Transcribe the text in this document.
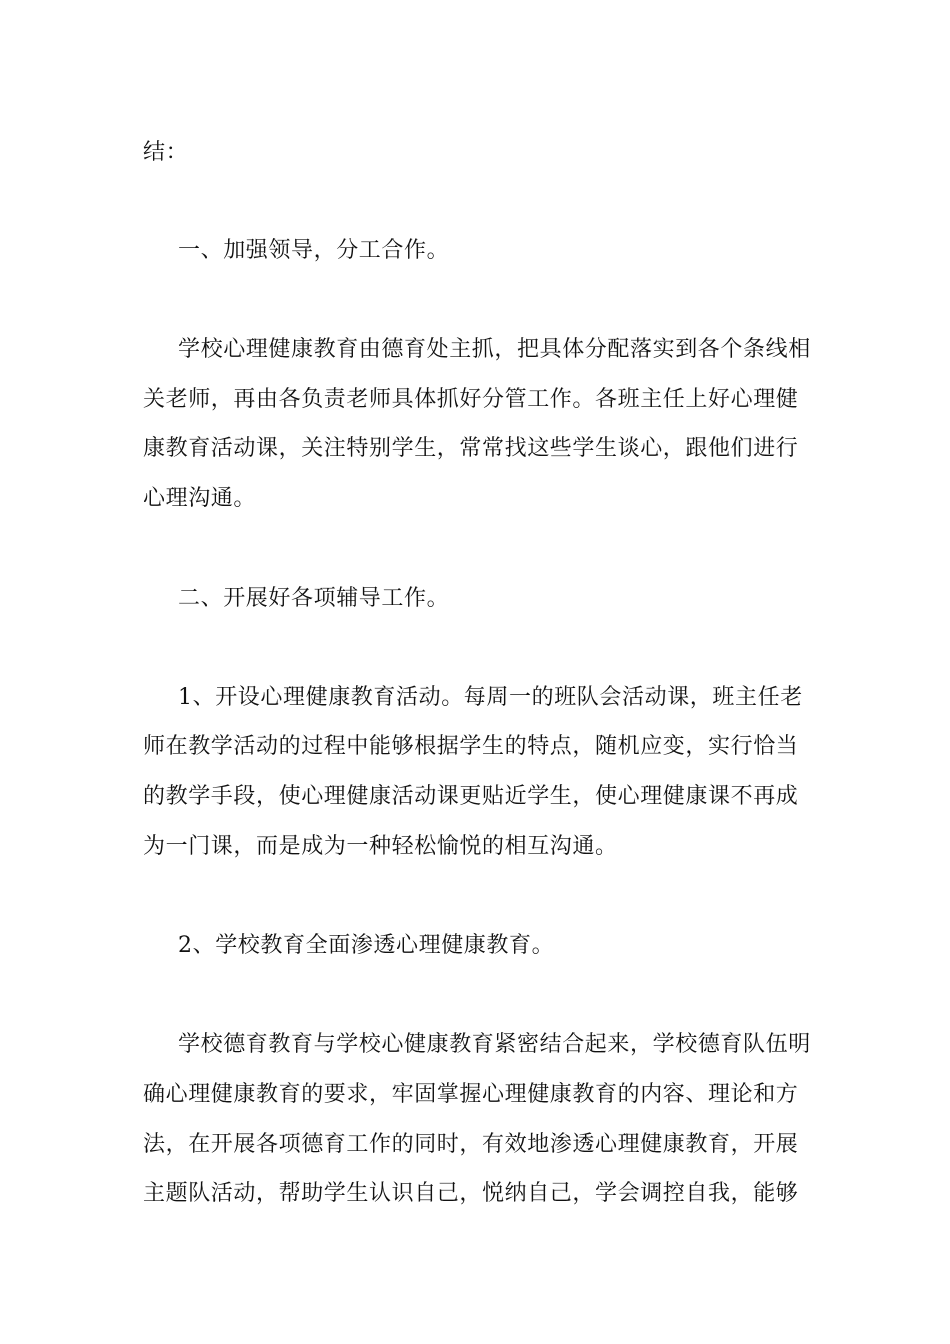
结：
一、加强领导，分工合作。
学校心理健康教育由德育处主抓，把具体分配落实到各个条线相
关老师，再由各负责老师具体抓好分管工作。各班主任上好心理健
康教育活动课，关注特别学生，常常找这些学生谈心，跟他们进行
心理沟通。
二、开展好各项辅导工作。
1、开设心理健康教育活动。每周一的班队会活动课，班主任老
师在教学活动的过程中能够根据学生的特点，随机应变，实行恰当
的教学手段，使心理健康活动课更贴近学生，使心理健康课不再成
为一门课，而是成为一种轻松愉悦的相互沟通。
2、学校教育全面渗透心理健康教育。
学校德育教育与学校心健康教育紧密结合起来，学校德育队伍明
确心理健康教育的要求，牢固掌握心理健康教育的内容、理论和方
法，在开展各项德育工作的同时，有效地渗透心理健康教育，开展
主题队活动，帮助学生认识自己，悦纳自己，学会调控自我，能够
